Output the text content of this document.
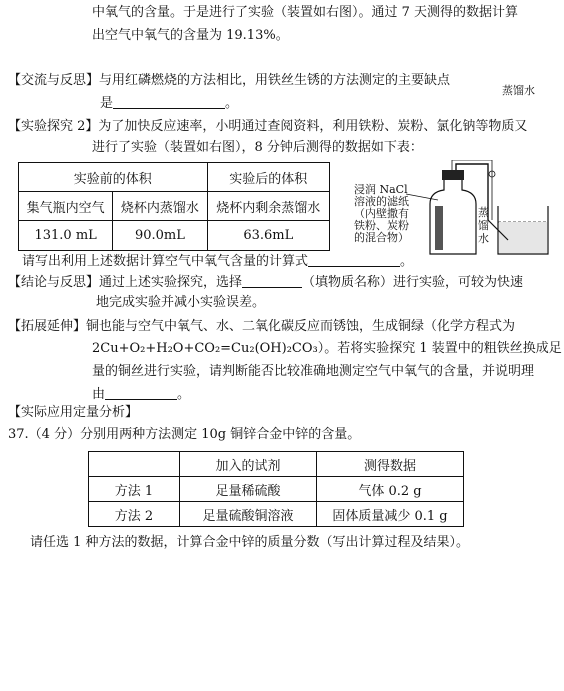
中氧气的含量。于是进行了实验（装置如右图）。通过 7 天测得的数据计算
出空气中氧气的含量为 19.13%。
蒸馏水
【交流与反思】与用红磷燃烧的方法相比，用铁丝生锈的方法测定的主要缺点
是	。
【实验探究 2】为了加快反应速率，小明通过查阅资料，利用铁粉、炭粉、氯化钠等物质又
进行了实验（装置如右图），8 分钟后测得的数据如下表：
实验前的体积		实验后的体积
集气瓶内空气	烧杯内蒸馏水	烧杯内剩余蒸馏水
131.0 mL	90.0mL	63.6mL
浸润 NaCl
溶液的滤纸
（内壁撒有
铁粉、炭粉
的混合物）
蒸
馏
水
请写出利用上述数据计算空气中氧气含量的计算式	。
【结论与反思】通过上述实验探究，选择	（填物质名称）进行实验，可较为快速
地完成实验并减小实验误差。
【拓展延伸】铜也能与空气中氧气、水、二氧化碳反应而锈蚀，生成铜绿（化学方程式为
2Cu+O₂+H₂O+CO₂=Cu₂(OH)₂CO₃）。若将实验探究 1 装置中的粗铁丝换成足
量的铜丝进行实验，请判断能否比较准确地测定空气中氧气的含量，并说明理
由	。
【实际应用定量分析】
37.（4 分）分别用两种方法测定 10g 铜锌合金中锌的含量。
	加入的试剂	测得数据
方法 1	足量稀硫酸	气体 0.2 g
方法 2	足量硫酸铜溶液	固体质量减少 0.1 g
请任选 1 种方法的数据，计算合金中锌的质量分数（写出计算过程及结果）。
